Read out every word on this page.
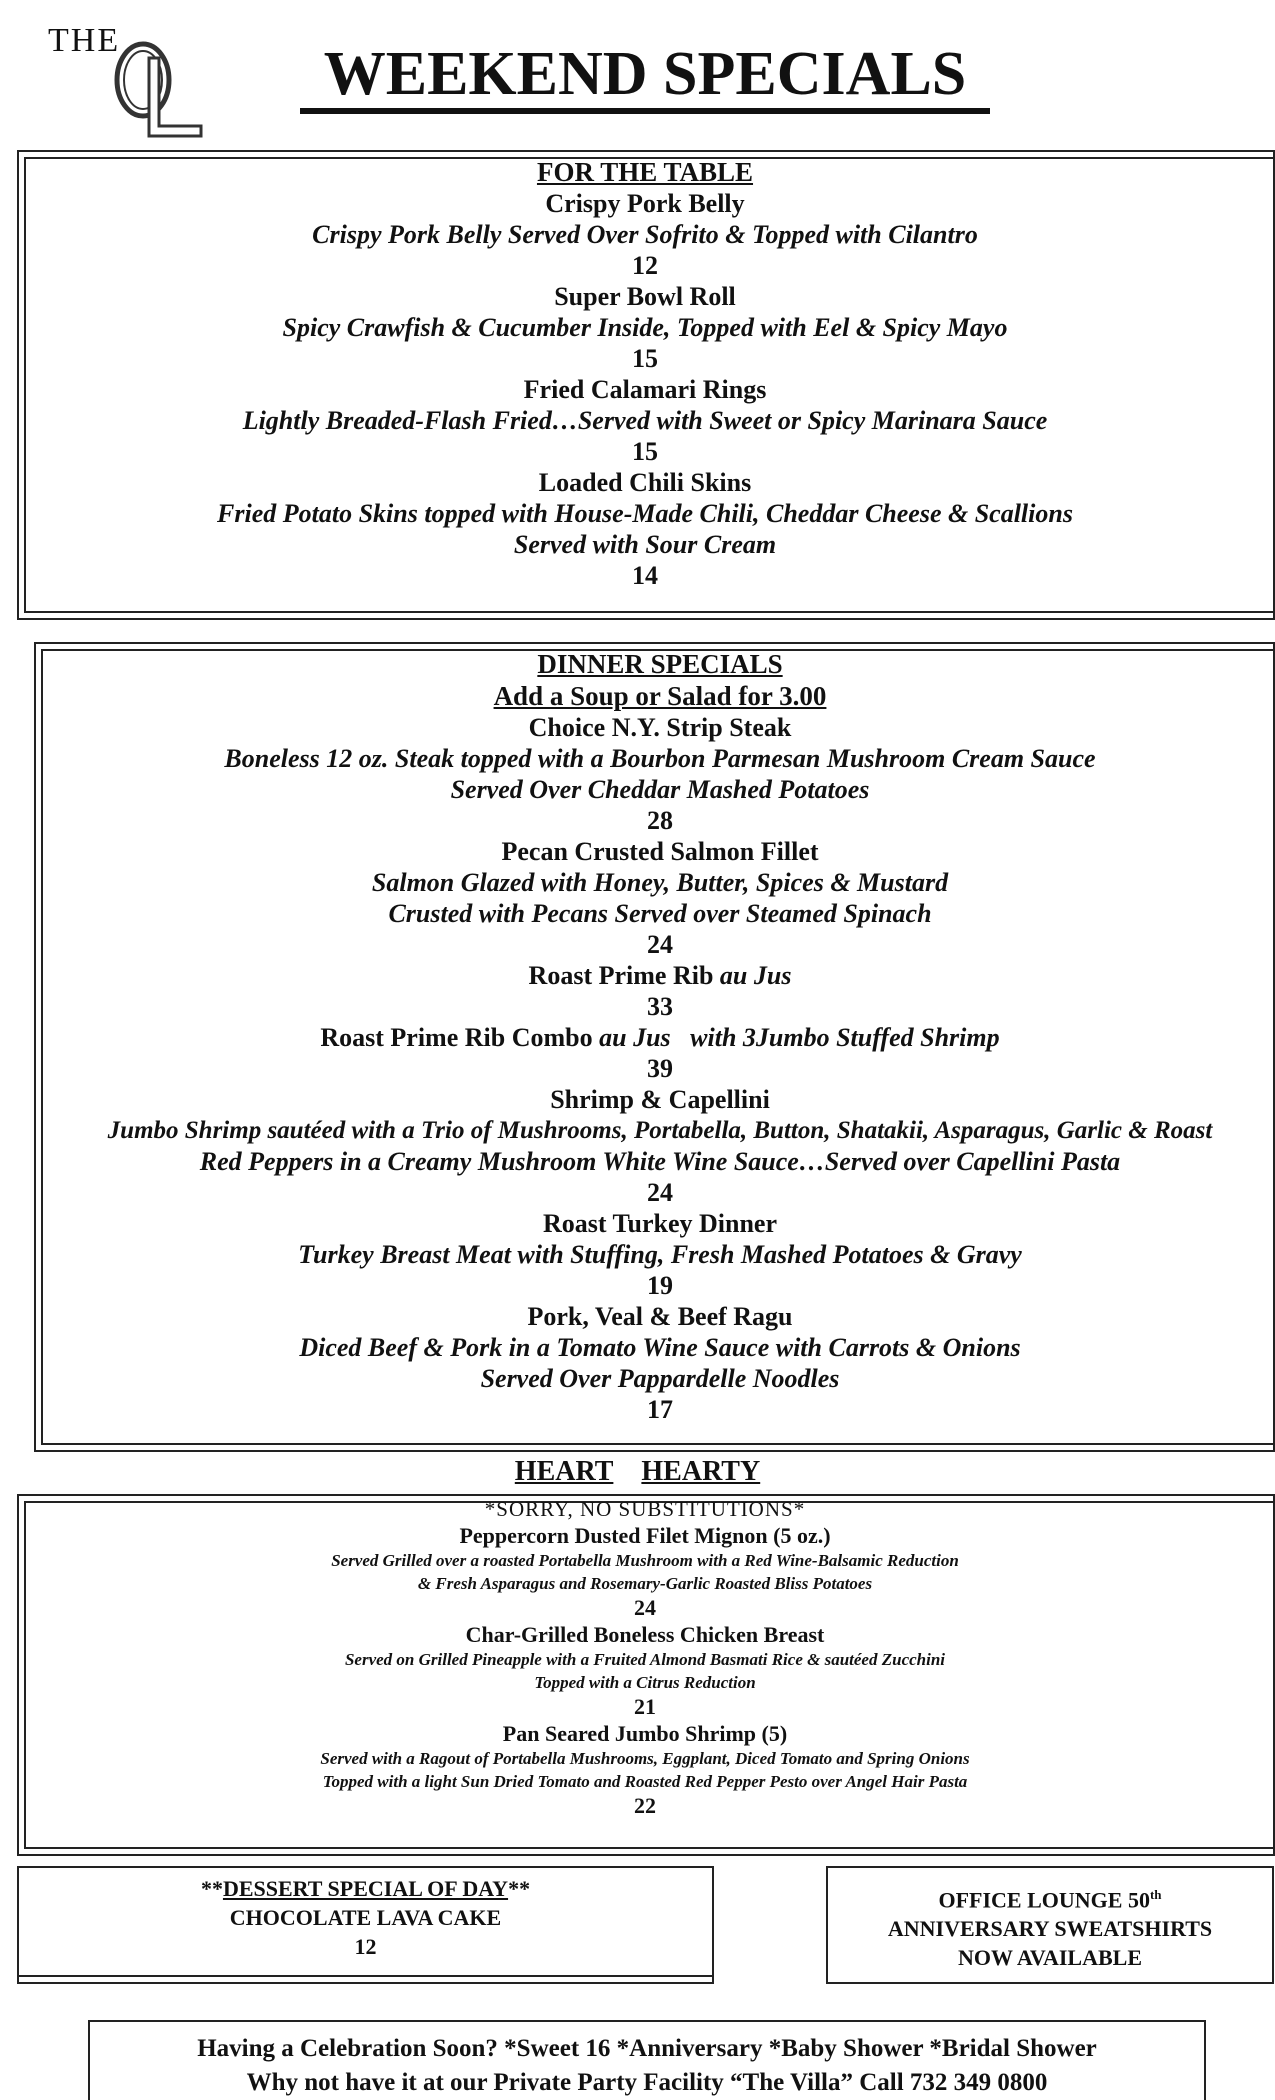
THE	WEEKEND SPECIALS
FOR THE TABLE
Crispy Pork Belly
Crispy Pork Belly Served Over Sofrito & Topped with Cilantro
12
Super Bowl Roll
Spicy Crawfish & Cucumber Inside, Topped with Eel & Spicy Mayo
15
Fried Calamari Rings
Lightly Breaded-Flash Fried…Served with Sweet or Spicy Marinara Sauce
15
Loaded Chili Skins
Fried Potato Skins topped with House-Made Chili, Cheddar Cheese & Scallions
Served with Sour Cream
14
DINNER SPECIALS
Add a Soup or Salad for 3.00
Choice N.Y. Strip Steak
Boneless 12 oz. Steak topped with a Bourbon Parmesan Mushroom Cream Sauce
Served Over Cheddar Mashed Potatoes
28
Pecan Crusted Salmon Fillet
Salmon Glazed with Honey, Butter, Spices & Mustard
Crusted with Pecans Served over Steamed Spinach
24
Roast Prime Rib au Jus
33
Roast Prime Rib Combo au Jus   with 3Jumbo Stuffed Shrimp
39
Shrimp & Capellini
Jumbo Shrimp sautéed with a Trio of Mushrooms, Portabella, Button, Shatakii, Asparagus, Garlic & Roast
Red Peppers in a Creamy Mushroom White Wine Sauce…Served over Capellini Pasta
24
Roast Turkey Dinner
Turkey Breast Meat with Stuffing, Fresh Mashed Potatoes & Gravy
19
Pork, Veal & Beef Ragu
Diced Beef & Pork in a Tomato Wine Sauce with Carrots & Onions
Served Over Pappardelle Noodles
17
HEART HEARTY
*SORRY, NO SUBSTITUTIONS*
Peppercorn Dusted Filet Mignon (5 oz.)
Served Grilled over a roasted Portabella Mushroom with a Red Wine-Balsamic Reduction
& Fresh Asparagus and Rosemary-Garlic Roasted Bliss Potatoes
24
Char-Grilled Boneless Chicken Breast
Served on Grilled Pineapple with a Fruited Almond Basmati Rice & sautéed Zucchini
Topped with a Citrus Reduction
21
Pan Seared Jumbo Shrimp (5)
Served with a Ragout of Portabella Mushrooms, Eggplant, Diced Tomato and Spring Onions
Topped with a light Sun Dried Tomato and Roasted Red Pepper Pesto over Angel Hair Pasta
22
**DESSERT SPECIAL OF DAY**
CHOCOLATE LAVA CAKE
12
OFFICE LOUNGE 50th
ANNIVERSARY SWEATSHIRTS
NOW AVAILABLE
Having a Celebration Soon? *Sweet 16 *Anniversary *Baby Shower *Bridal Shower
Why not have it at our Private Party Facility “The Villa” Call 732 349 0800
